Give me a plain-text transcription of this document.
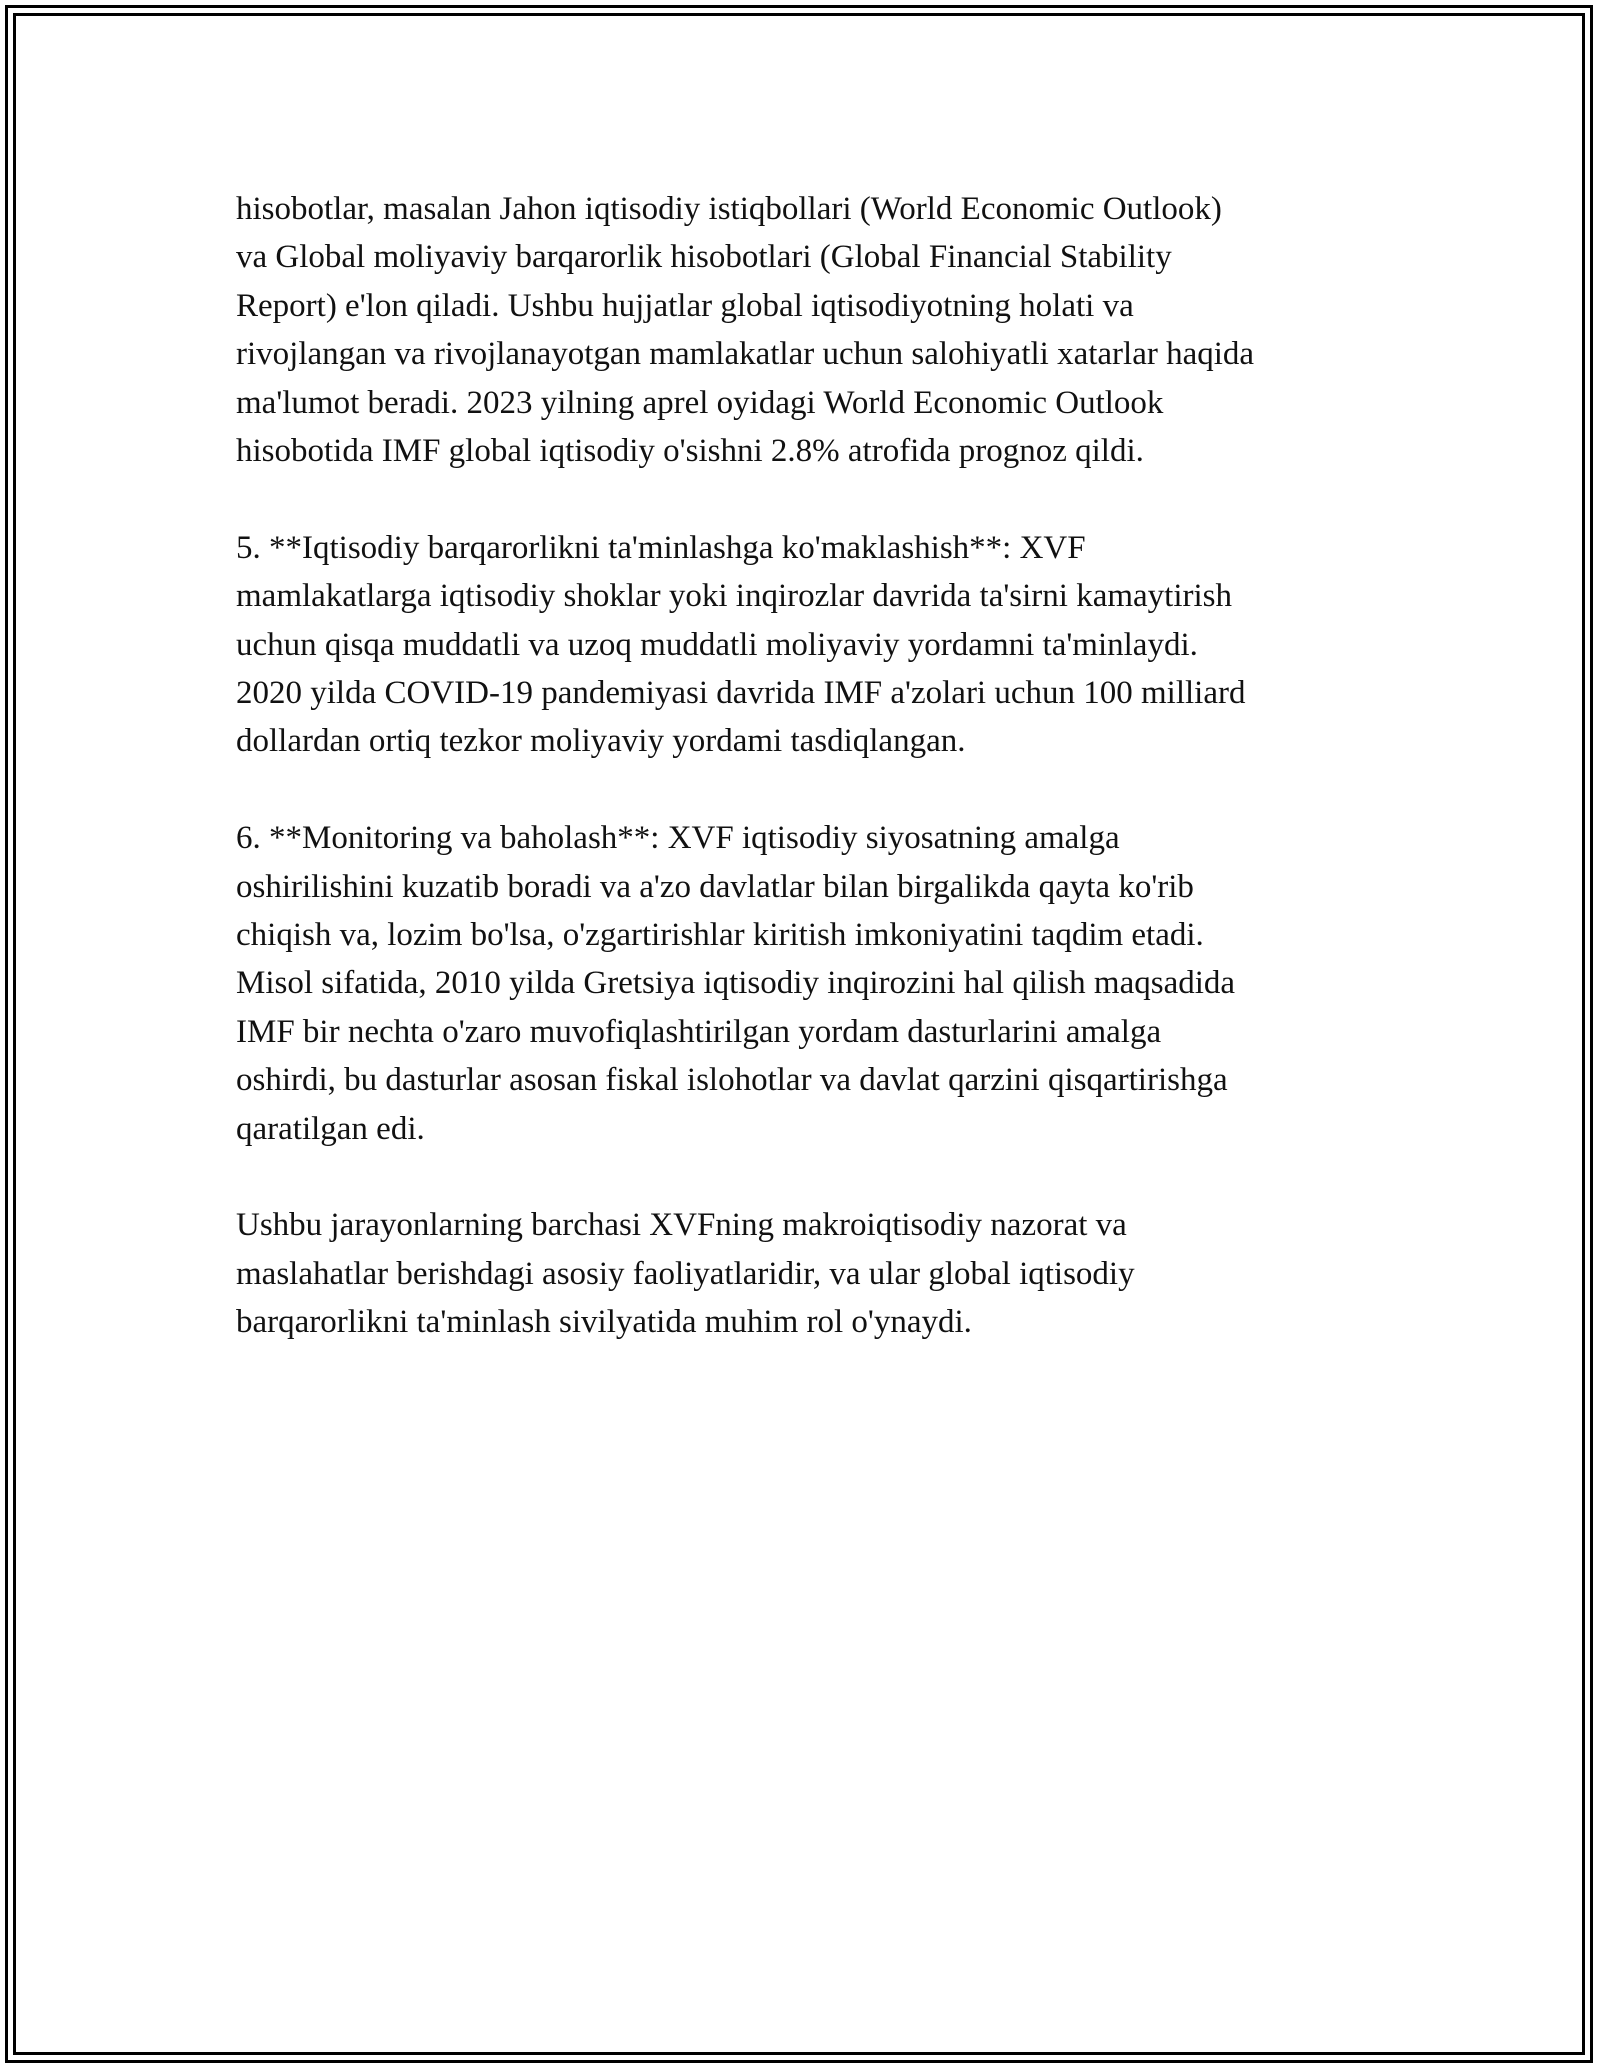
hisobotlar, masalan Jahon iqtisodiy istiqbollari (World Economic Outlook)
va Global moliyaviy barqarorlik hisobotlari (Global Financial Stability
Report) e'lon qiladi. Ushbu hujjatlar global iqtisodiyotning holati va
rivojlangan va rivojlanayotgan mamlakatlar uchun salohiyatli xatarlar haqida
ma'lumot beradi. 2023 yilning aprel oyidagi World Economic Outlook
hisobotida IMF global iqtisodiy o'sishni 2.8% atrofida prognoz qildi.

5. **Iqtisodiy barqarorlikni ta'minlashga ko'maklashish**: XVF
mamlakatlarga iqtisodiy shoklar yoki inqirozlar davrida ta'sirni kamaytirish
uchun qisqa muddatli va uzoq muddatli moliyaviy yordamni ta'minlaydi.
2020 yilda COVID-19 pandemiyasi davrida IMF a'zolari uchun 100 milliard
dollardan ortiq tezkor moliyaviy yordami tasdiqlangan.

6. **Monitoring va baholash**: XVF iqtisodiy siyosatning amalga
oshirilishini kuzatib boradi va a'zo davlatlar bilan birgalikda qayta ko'rib
chiqish va, lozim bo'lsa, o'zgartirishlar kiritish imkoniyatini taqdim etadi.
Misol sifatida, 2010 yilda Gretsiya iqtisodiy inqirozini hal qilish maqsadida
IMF bir nechta o'zaro muvofiqlashtirilgan yordam dasturlarini amalga
oshirdi, bu dasturlar asosan fiskal islohotlar va davlat qarzini qisqartirishga
qaratilgan edi.

Ushbu jarayonlarning barchasi XVFning makroiqtisodiy nazorat va
maslahatlar berishdagi asosiy faoliyatlaridir, va ular global iqtisodiy
barqarorlikni ta'minlash sivilyatida muhim rol o'ynaydi.
